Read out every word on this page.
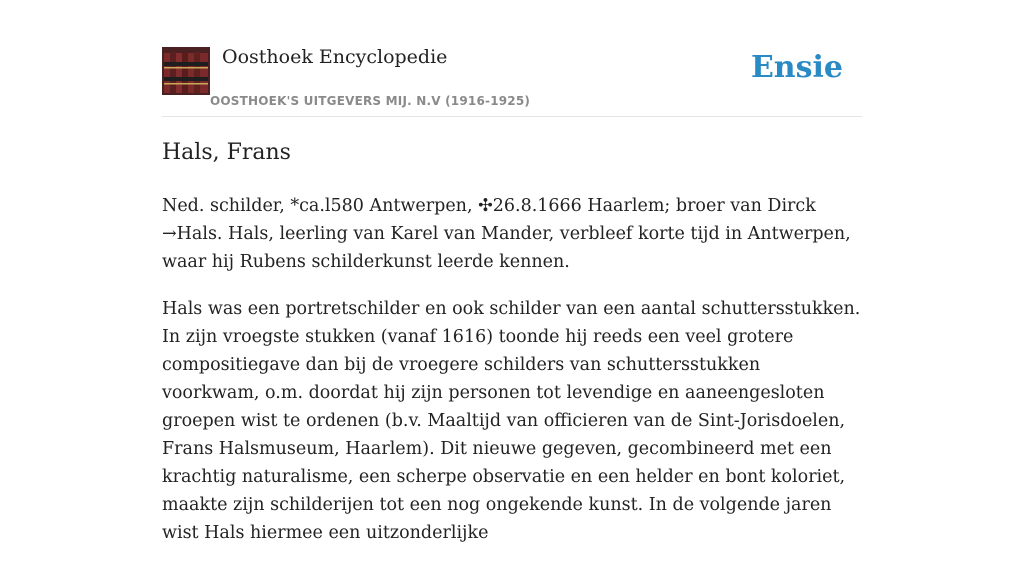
Oosthoek Encyclopedie
OOSTHOEK'S UITGEVERS MIJ. N.V (1916-1925)
Ensie
Hals, Frans

Ned. schilder, *ca.l580 Antwerpen, ✣26.8.1666 Haarlem; broer van Dirck →Hals. Hals, leerling van Karel van Mander, verbleef korte tijd in Antwerpen, waar hij Rubens schilderkunst leerde kennen.

Hals was een portretschilder en ook schilder van een aantal schuttersstukken. In zijn vroegste stukken (vanaf 1616) toonde hij reeds een veel grotere compositiegave dan bij de vroegere schilders van schuttersstukken voorkwam, o.m. doordat hij zijn personen tot levendige en aaneengesloten groepen wist te ordenen (b.v. Maaltijd van officieren van de Sint-Jorisdoelen, Frans Halsmuseum, Haarlem). Dit nieuwe gegeven, gecombineerd met een krachtig naturalisme, een scherpe observatie en een helder en bont koloriet, maakte zijn schilderijen tot een nog ongekende kunst. In de volgende jaren wist Hals hiermee een uitzonderlijke
